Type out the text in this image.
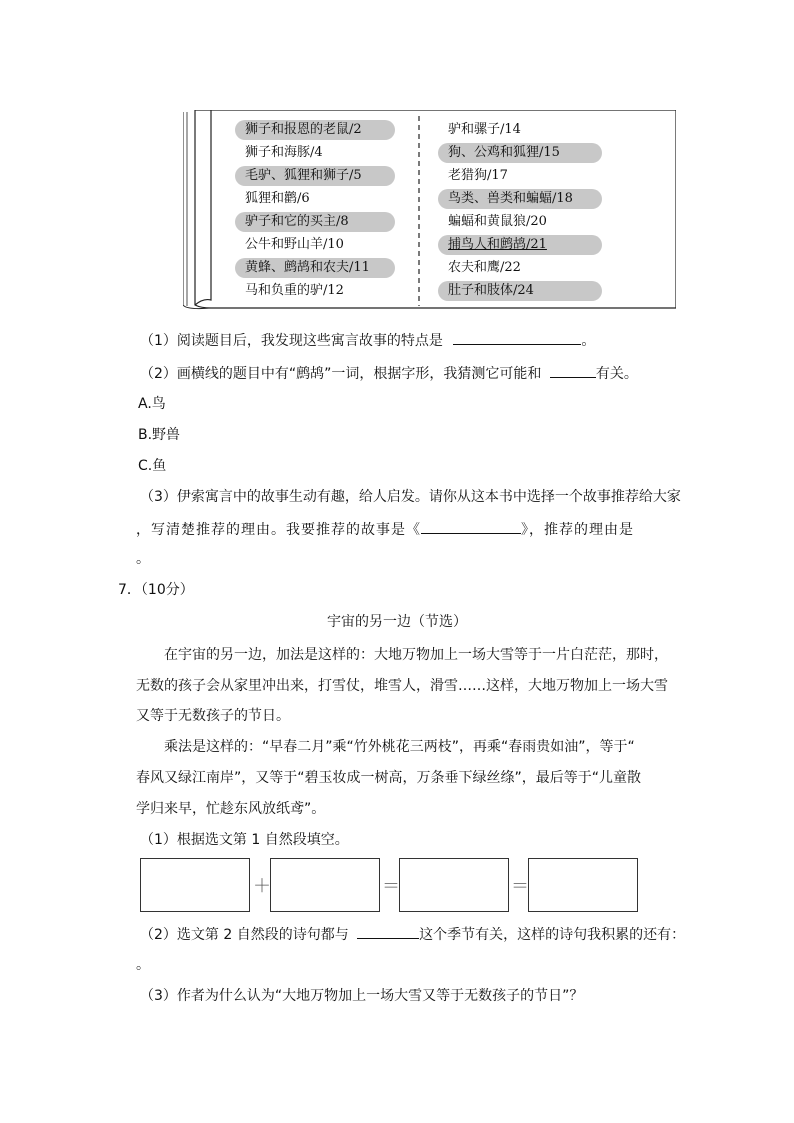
狮子和报恩的老鼠/2
狮子和海豚/4
毛驴、狐狸和狮子/5
狐狸和鹳/6
驴子和它的买主/8
公牛和野山羊/10
黄蜂、鹧鸪和农夫/11
马和负重的驴/12
驴和骡子/14
狗、公鸡和狐狸/15
老猎狗/17
鸟类、兽类和蝙蝠/18
蝙蝠和黄鼠狼/20
捕鸟人和鹧鸪/21
农夫和鹰/22
肚子和肢体/24
（1）阅读题目后，我发现这些寓言故事的特点是	。
（2）画横线的题目中有“鹧鸪”一词，根据字形，我猜测它可能和	有关。
A.鸟
B.野兽
C.鱼
（3）伊索寓言中的故事生动有趣，给人启发。请你从这本书中选择一个故事推荐给大家
，写清楚推荐的理由。我要推荐的故事是《	》，推荐的理由是
。
7．（10分）
宇宙的另一边（节选）
在宇宙的另一边，加法是这样的：大地万物加上一场大雪等于一片白茫茫，那时，
无数的孩子会从家里冲出来，打雪仗，堆雪人，滑雪……这样，大地万物加上一场大雪
又等于无数孩子的节日。
乘法是这样的：“早春二月”乘“竹外桃花三两枝”，再乘“春雨贵如油”，等于“
春风又绿江南岸”，又等于“碧玉妆成一树高，万条垂下绿丝绦”，最后等于“儿童散
学归来早，忙趁东风放纸鸢”。
（1）根据选文第 1 自然段填空。
＋	＝	＝
（2）选文第 2 自然段的诗句都与	这个季节有关，这样的诗句我积累的还有：
。
（3）作者为什么认为“大地万物加上一场大雪又等于无数孩子的节日”？
